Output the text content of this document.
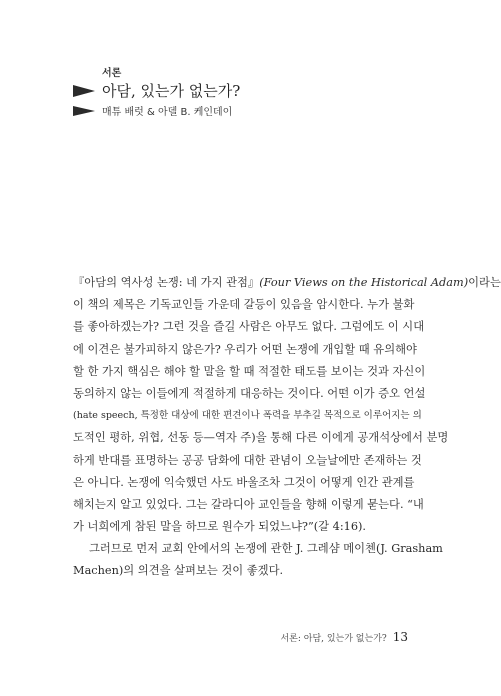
서론
아담, 있는가 없는가?
매튜 배럿 & 아델 B. 케인데이
『아담의 역사성 논쟁: 네 가지 관점』(Four Views on the Historical Adam)이라는
이 책의 제목은 기독교인들 가운데 갈등이 있음을 암시한다. 누가 불화
를 좋아하겠는가? 그런 것을 즐길 사람은 아무도 없다. 그럼에도 이 시대
에 이견은 불가피하지 않은가? 우리가 어떤 논쟁에 개입할 때 유의해야
할 한 가지 핵심은 해야 할 말을 할 때 적절한 태도를 보이는 것과 자신이
동의하지 않는 이들에게 적절하게 대응하는 것이다. 어떤 이가 증오 언설
(hate speech, 특정한 대상에 대한 편견이나 폭력을 부추길 목적으로 이루어지는 의
도적인 평하, 위협, 선동 등—역자 주)을 통해 다른 이에게 공개석상에서 분명
하게 반대를 표명하는 공공 담화에 대한 관념이 오늘날에만 존재하는 것
은 아니다. 논쟁에 익숙했던 사도 바울조차 그것이 어떻게 인간 관계를
해치는지 알고 있었다. 그는 갈라디아 교인들을 향해 이렇게 묻는다. “내
가 너희에게 참된 말을 하므로 원수가 되었느냐?”(갈 4:16).
그러므로 먼저 교회 안에서의 논쟁에 관한 J. 그레샴 메이첸(J. Grasham
Machen)의 의견을 살펴보는 것이 좋겠다.
서론: 아담, 있는가 없는가? 13
